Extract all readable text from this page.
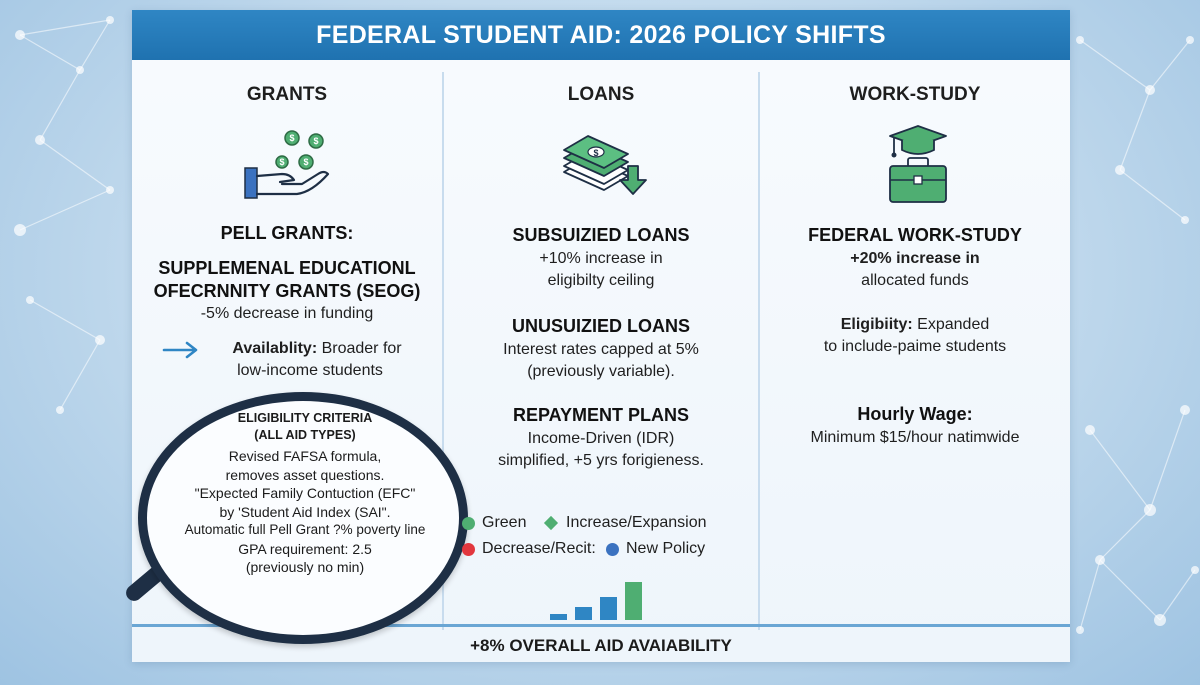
FEDERAL STUDENT AID: 2026 POLICY SHIFTS
GRANTS
$ $
$
$
PELL GRANTS:
SUPPLEMENAL EDUCATIONL
OFECRNNITY GRANTS (SEOG)
-5% decrease in funding
Availablity: Broader for
low-income students
LOANS
$
SUBSUIZIED LOANS
+10% increase in
eligibilty ceiling
UNUSUIZIED LOANS
Interest rates capped at 5%
(previously variable).
REPAYMENT PLANS
Income-Driven (IDR)
simplified, +5 yrs forigieness.
WORK-STUDY
FEDERAL WORK-STUDY
+20% increase in
allocated funds
Eligibiity: Expanded
to include-paime students
Hourly Wage:
Minimum $15/hour natimwide
+8% OVERALL AID AVAIABILITY
ELIGIBILITY CRITERIA
(ALL AID TYPES)
Revised FAFSA formula,
removes asset questions.
"Expected Family Contuction (EFC"
by 'Student Aid Index (SAI".
Automatic full Pell Grant ?% poverty line
GPA requirement: 2.5
(previously no min)
Green Increase/Expansion
Decrease/Recit: New Policy
